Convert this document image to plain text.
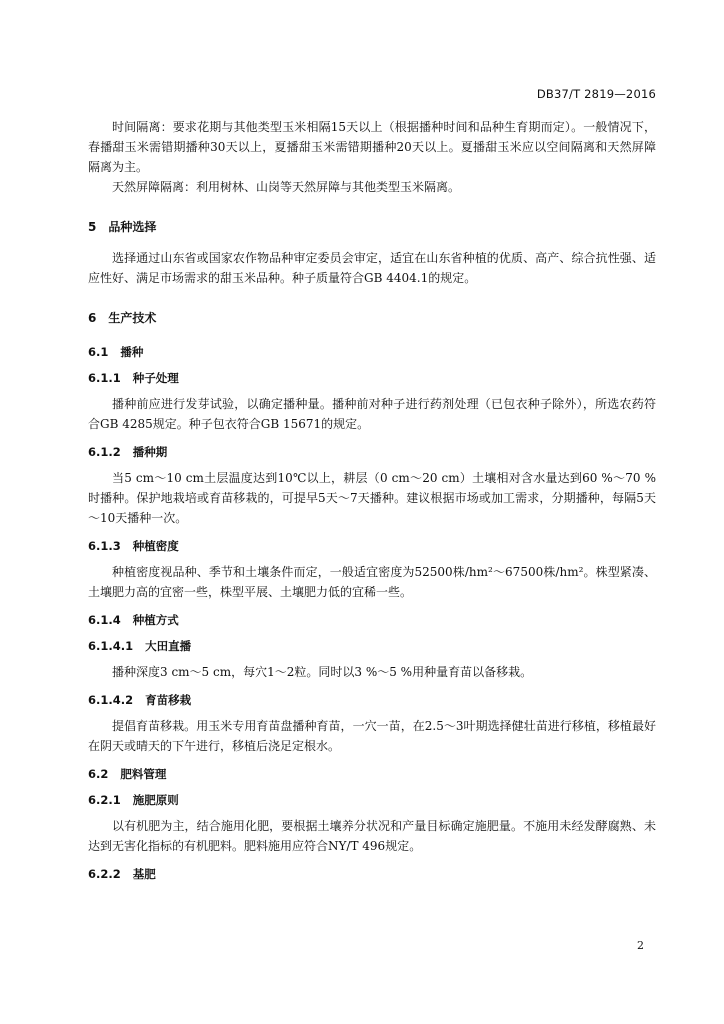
DB37/T 2819—2016

时间隔离：要求花期与其他类型玉米相隔15天以上（根据播种时间和品种生育期而定）。一般情况下，春播甜玉米需错期播种30天以上，夏播甜玉米需错期播种20天以上。夏播甜玉米应以空间隔离和天然屏障隔离为主。

天然屏障隔离：利用树林、山岗等天然屏障与其他类型玉米隔离。

5 品种选择

选择通过山东省或国家农作物品种审定委员会审定，适宜在山东省种植的优质、高产、综合抗性强、适应性好、满足市场需求的甜玉米品种。种子质量符合GB 4404.1的规定。

6 生产技术
6.1 播种
6.1.1 种子处理

播种前应进行发芽试验，以确定播种量。播种前对种子进行药剂处理（已包衣种子除外），所选农药符合GB 4285规定。种子包衣符合GB 15671的规定。

6.1.2 播种期

当5 cm～10 cm土层温度达到10℃以上，耕层（0 cm～20 cm）土壤相对含水量达到60 %～70 %时播种。保护地栽培或育苗移栽的，可提早5天～7天播种。建议根据市场或加工需求，分期播种，每隔5天～10天播种一次。

6.1.3 种植密度

种植密度视品种、季节和土壤条件而定，一般适宜密度为52500株/hm²～67500株/hm²。株型紧凑、土壤肥力高的宜密一些，株型平展、土壤肥力低的宜稀一些。

6.1.4 种植方式
6.1.4.1 大田直播

播种深度3 cm～5 cm，每穴1～2粒。同时以3 %～5 %用种量育苗以备移栽。

6.1.4.2 育苗移栽

提倡育苗移栽。用玉米专用育苗盘播种育苗，一穴一苗，在2.5～3叶期选择健壮苗进行移植，移植最好在阴天或晴天的下午进行，移植后浇足定根水。

6.2 肥料管理
6.2.1 施肥原则

以有机肥为主，结合施用化肥，要根据土壤养分状况和产量目标确定施肥量。不施用未经发酵腐熟、未达到无害化指标的有机肥料。肥料施用应符合NY/T 496规定。

6.2.2 基肥
2
